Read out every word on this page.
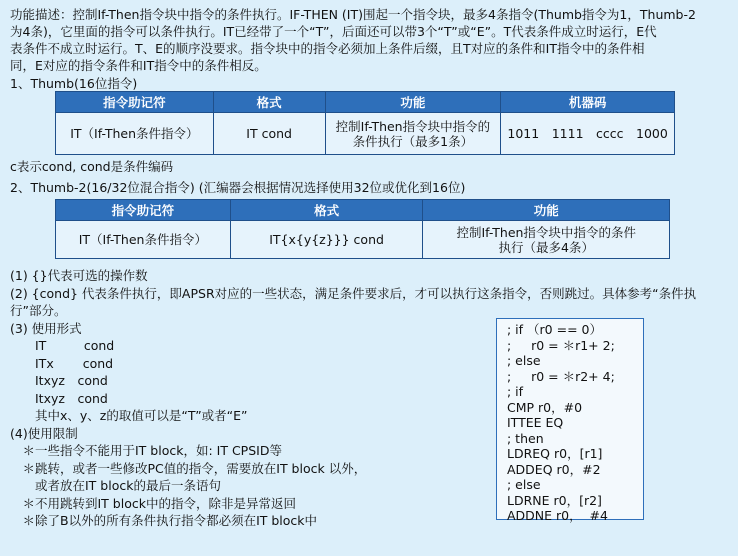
功能描述：控制If-Then指令块中指令的条件执行。IF-THEN (IT)围起一个指令块，最多4条指令(Thumb指令为1，Thumb-2
为4条)，它里面的指令可以条件执行。IT已经带了一个“T”，后面还可以带3个“T”或“E”。T代表条件成立时运行，E代
表条件不成立时运行。T、E的顺序没要求。指令块中的指令必须加上条件后缀，且T对应的条件和IT指令中的条件相
同，E对应的指令条件和IT指令中的条件相反。
1、Thumb(16位指令)
指令助记符	格式	功能	机器码
IT（If-Then条件指令）	IT cond	控制If-Then指令块中指令的
条件执行（最多1条）	1011　1111　cccc　1000
c表示cond, cond是条件编码
2、Thumb-2(16/32位混合指令) (汇编器会根据情况选择使用32位或优化到16位)
指令助记符	格式	功能
IT（If-Then条件指令）	IT{x{y{z}}} cond	控制If-Then指令块中指令的条件
执行（最多4条）
(1) {}代表可选的操作数
(2) {cond} 代表条件执行，即APSR对应的一些状态，满足条件要求后，才可以执行这条指令，否则跳过。具体参考“条件执
行”部分。
(3) 使用形式
　　IT　　　cond
　　ITx　　 cond
　　Itxyz　cond
　　Itxyz　cond
　　其中x、y、z的取值可以是“T”或者“E”
(4)使用限制
　＊一些指令不能用于IT block，如: IT CPSID等
　＊跳转，或者一些修改PC值的指令，需要放在IT block 以外，
　　或者放在IT block的最后一条语句
　＊不用跳转到IT block中的指令，除非是异常返回
　＊除了B以外的所有条件执行指令都必须在IT block中
; if （r0 == 0）
;     r0 = ＊r1+ 2;
; else
;     r0 = ＊r2+ 4;
; if
CMP r0，#0
ITTEE EQ
; then
LDREQ r0，[r1]
ADDEQ r0，#2
; else
LDRNE r0，[r2]
ADDNE r0，  #4
